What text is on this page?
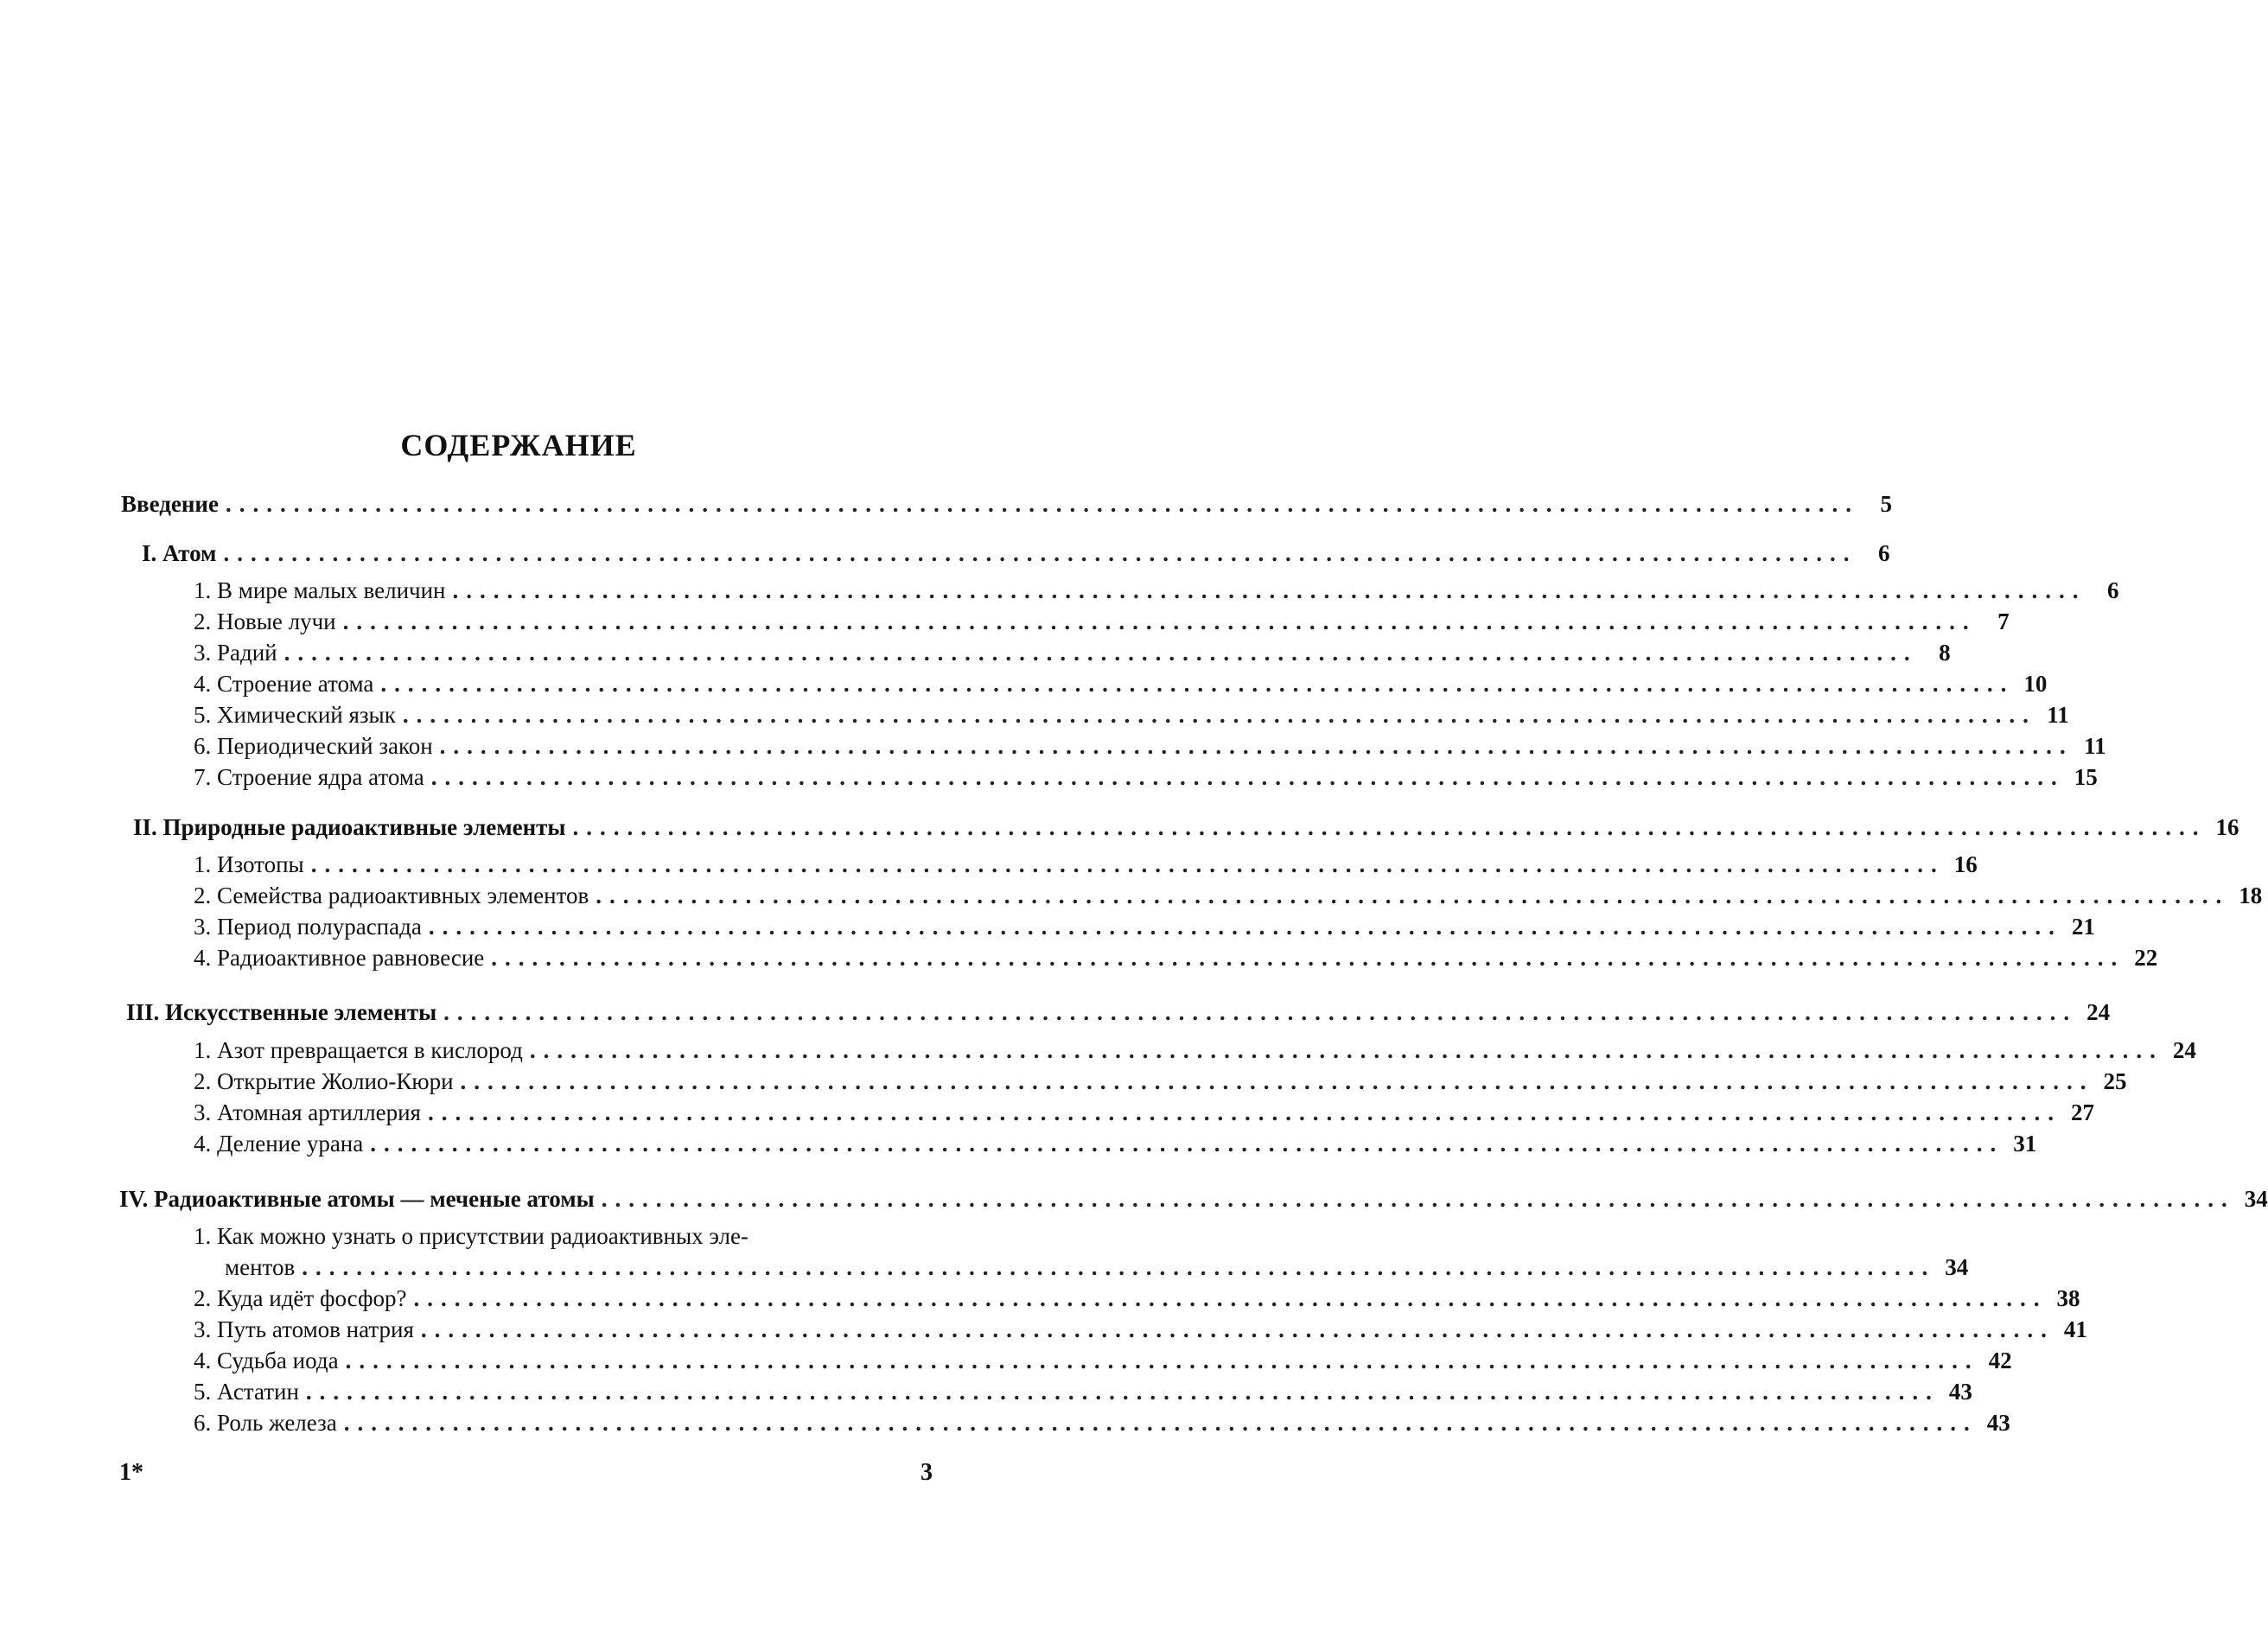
СОДЕРЖАНИЕ
Введение ........................................................................................................................ 5
I. Атом ........................................................................................................................ 6
1. В мире малых величин ........................................................................................................................ 6
2. Новые лучи ........................................................................................................................ 7
3. Радий ........................................................................................................................ 8
4. Строение атома ........................................................................................................................ 10
5. Химический язык ........................................................................................................................ 11
6. Периодический закон ........................................................................................................................ 11
7. Строение ядра атома ........................................................................................................................ 15
II. Природные радиоактивные элементы ........................................................................................................................ 16
1. Изотопы ........................................................................................................................ 16
2. Семейства радиоактивных элементов ........................................................................................................................ 18
3. Период полураспада ........................................................................................................................ 21
4. Радиоактивное равновесие ........................................................................................................................ 22
III. Искусственные элементы ........................................................................................................................ 24
1. Азот превращается в кислород ........................................................................................................................ 24
2. Открытие Жолио-Кюри ........................................................................................................................ 25
3. Атомная артиллерия ........................................................................................................................ 27
4. Деление урана ........................................................................................................................ 31
IV. Радиоактивные атомы — меченые атомы ........................................................................................................................ 34
1. Как можно узнать о присутствии радиоактивных эле-
ментов ........................................................................................................................ 34
2. Куда идёт фосфор? ........................................................................................................................ 38
3. Путь атомов натрия ........................................................................................................................ 41
4. Судьба иода ........................................................................................................................ 42
5. Астатин ........................................................................................................................ 43
6. Роль железа ........................................................................................................................ 43
1*	3
